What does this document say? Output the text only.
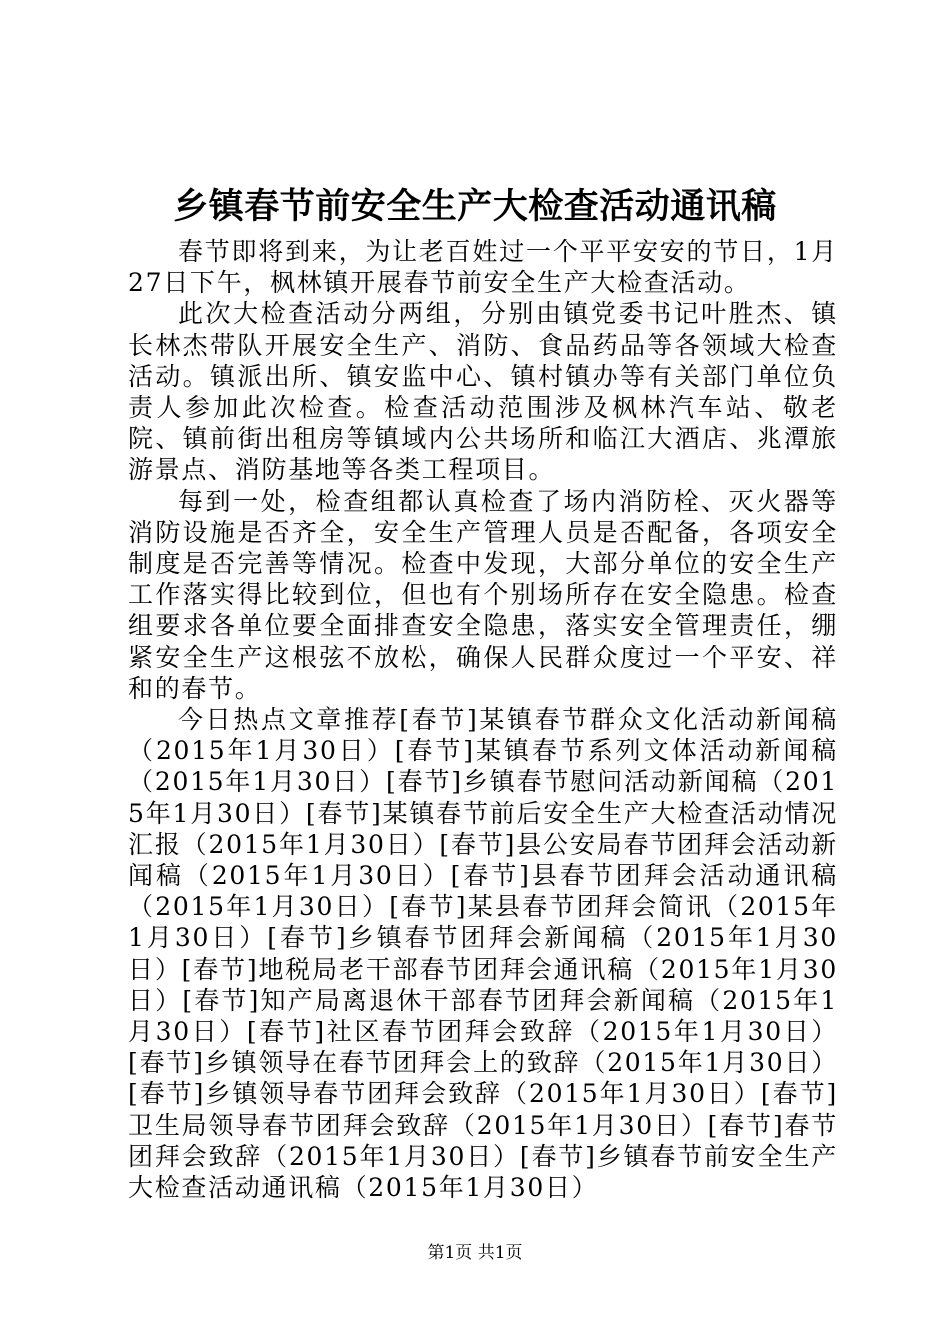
乡镇春节前安全生产大检查活动通讯稿

春节即将到来，为让老百姓过一个平平安安的节日，1月27日下午，枫林镇开展春节前安全生产大检查活动。

此次大检查活动分两组，分别由镇党委书记叶胜杰、镇长林杰带队开展安全生产、消防、食品药品等各领域大检查活动。镇派出所、镇安监中心、镇村镇办等有关部门单位负责人参加此次检查。检查活动范围涉及枫林汽车站、敬老院、镇前街出租房等镇域内公共场所和临江大酒店、兆潭旅游景点、消防基地等各类工程项目。

每到一处，检查组都认真检查了场内消防栓、灭火器等消防设施是否齐全，安全生产管理人员是否配备，各项安全制度是否完善等情况。检查中发现，大部分单位的安全生产工作落实得比较到位，但也有个别场所存在安全隐患。检查组要求各单位要全面排查安全隐患，落实安全管理责任，绷紧安全生产这根弦不放松，确保人民群众度过一个平安、祥和的春节。

今日热点文章推荐[春节]某镇春节群众文化活动新闻稿（2015年1月30日）[春节]某镇春节系列文体活动新闻稿（2015年1月30日）[春节]乡镇春节慰问活动新闻稿（2015年1月30日）[春节]某镇春节前后安全生产大检查活动情况汇报（2015年1月30日）[春节]县公安局春节团拜会活动新闻稿（2015年1月30日）[春节]县春节团拜会活动通讯稿（2015年1月30日）[春节]某县春节团拜会简讯（2015年1月30日）[春节]乡镇春节团拜会新闻稿（2015年1月30日）[春节]地税局老干部春节团拜会通讯稿（2015年1月30日）[春节]知产局离退休干部春节团拜会新闻稿（2015年1月30日）[春节]社区春节团拜会致辞（2015年1月30日）[春节]乡镇领导在春节团拜会上的致辞（2015年1月30日）[春节]乡镇领导春节团拜会致辞（2015年1月30日）[春节]卫生局领导春节团拜会致辞（2015年1月30日）[春节]春节团拜会致辞（2015年1月30日）[春节]乡镇春节前安全生产大检查活动通讯稿（2015年1月30日）

第1页 共1页
